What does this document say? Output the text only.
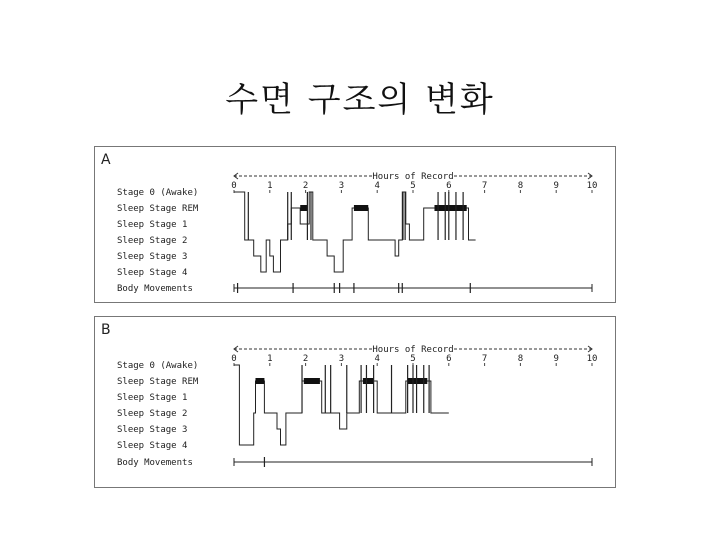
수면 구조의 변화
A
Hours of Record
0	1	2	3	4	5	6	7	8	9	10
Stage 0 (Awake)
Sleep Stage REM
Sleep Stage 1
Sleep Stage 2
Sleep Stage 3
Sleep Stage 4
Body Movements
B
Hours of Record
0	1	2	3	4	5	6	7	8	9	10
Stage 0 (Awake)
Sleep Stage REM
Sleep Stage 1
Sleep Stage 2
Sleep Stage 3
Sleep Stage 4
Body Movements
